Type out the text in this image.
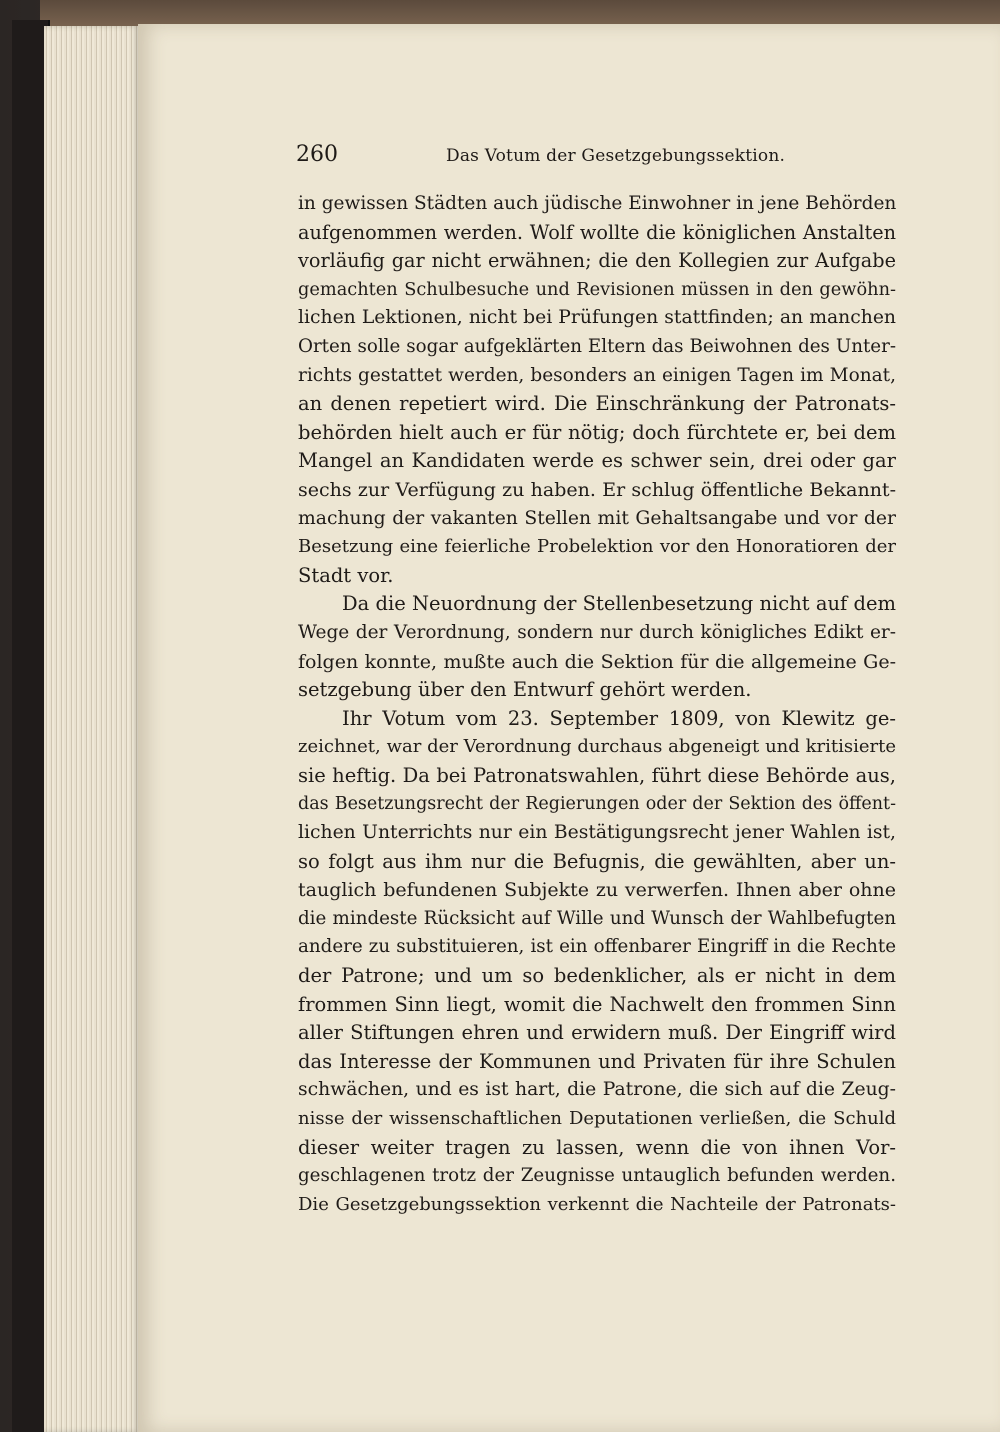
260	Das Votum der Gesetzgebungssektion.
in gewissen Städten auch jüdische Einwohner in jene Behörden
aufgenommen werden. Wolf wollte die königlichen Anstalten
vorläufig gar nicht erwähnen; die den Kollegien zur Aufgabe
gemachten Schulbesuche und Revisionen müssen in den gewöhn-
lichen Lektionen, nicht bei Prüfungen stattfinden; an manchen
Orten solle sogar aufgeklärten Eltern das Beiwohnen des Unter-
richts gestattet werden, besonders an einigen Tagen im Monat,
an denen repetiert wird. Die Einschränkung der Patronats-
behörden hielt auch er für nötig; doch fürchtete er, bei dem
Mangel an Kandidaten werde es schwer sein, drei oder gar
sechs zur Verfügung zu haben. Er schlug öffentliche Bekannt-
machung der vakanten Stellen mit Gehaltsangabe und vor der
Besetzung eine feierliche Probelektion vor den Honoratioren der
Stadt vor.
Da die Neuordnung der Stellenbesetzung nicht auf dem
Wege der Verordnung, sondern nur durch königliches Edikt er-
folgen konnte, mußte auch die Sektion für die allgemeine Ge-
setzgebung über den Entwurf gehört werden.
Ihr Votum vom 23. September 1809, von Klewitz ge-
zeichnet, war der Verordnung durchaus abgeneigt und kritisierte
sie heftig. Da bei Patronatswahlen, führt diese Behörde aus,
das Besetzungsrecht der Regierungen oder der Sektion des öffent-
lichen Unterrichts nur ein Bestätigungsrecht jener Wahlen ist,
so folgt aus ihm nur die Befugnis, die gewählten, aber un-
tauglich befundenen Subjekte zu verwerfen. Ihnen aber ohne
die mindeste Rücksicht auf Wille und Wunsch der Wahlbefugten
andere zu substituieren, ist ein offenbarer Eingriff in die Rechte
der Patrone; und um so bedenklicher, als er nicht in dem
frommen Sinn liegt, womit die Nachwelt den frommen Sinn
aller Stiftungen ehren und erwidern muß. Der Eingriff wird
das Interesse der Kommunen und Privaten für ihre Schulen
schwächen, und es ist hart, die Patrone, die sich auf die Zeug-
nisse der wissenschaftlichen Deputationen verließen, die Schuld
dieser weiter tragen zu lassen, wenn die von ihnen Vor-
geschlagenen trotz der Zeugnisse untauglich befunden werden.
Die Gesetzgebungssektion verkennt die Nachteile der Patronats-
